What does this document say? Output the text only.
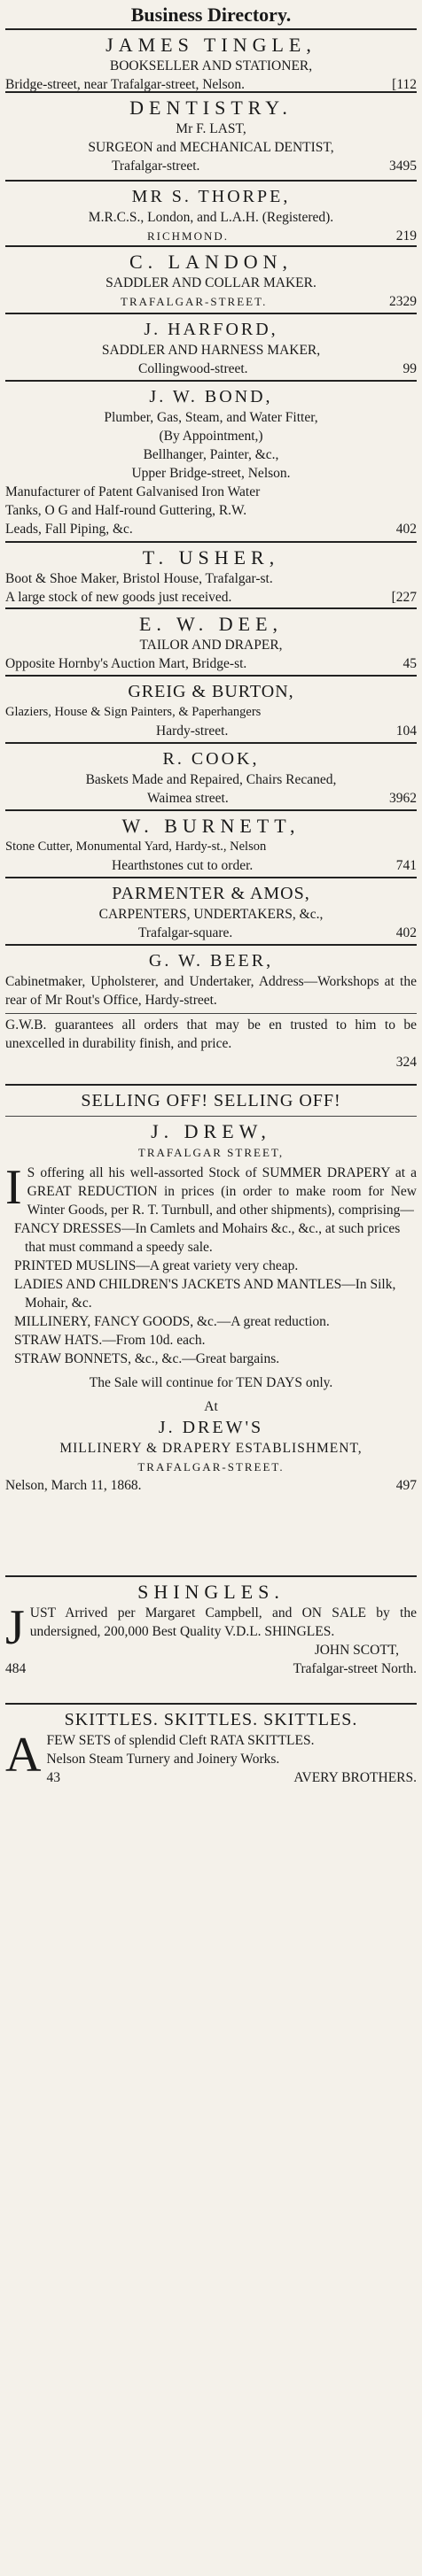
Business Directory.
JAMES TINGLE,
BOOKSELLER AND STATIONER,
Bridge-street, near Trafalgar-street, Nelson.	[112
DENTISTRY.
Mr F. LAST,
SURGEON and MECHANICAL DENTIST,
Trafalgar-street.	3495
MR S. THORPE,
M.R.C.S., London, and L.A.H. (Registered).
RICHMOND.	219
C. LANDON,
SADDLER AND COLLAR MAKER.
TRAFALGAR-STREET.	2329
J. HARFORD,
SADDLER AND HARNESS MAKER,
Collingwood-street.	99
J. W. BOND,
Plumber, Gas, Steam, and Water Fitter,
(By Appointment,)
Bellhanger, Painter, &c.,
Upper Bridge-street, Nelson.
Manufacturer of Patent Galvanised Iron Water
Tanks, O G and Half-round Guttering, R.W.
Leads, Fall Piping, &c.	402
T. USHER,
Boot & Shoe Maker, Bristol House, Trafalgar-st.
A large stock of new goods just received.	[227
E. W. DEE,
TAILOR AND DRAPER,
Opposite Hornby's Auction Mart, Bridge-st.	45
GREIG & BURTON,
Glaziers, House & Sign Painters, & Paperhangers
Hardy-street.	104
R. COOK,
Baskets Made and Repaired, Chairs Recaned,
Waimea street.	3962
W. BURNETT,
Stone Cutter, Monumental Yard, Hardy-st., Nelson
Hearthstones cut to order.	741
PARMENTER & AMOS,
CARPENTERS, UNDERTAKERS, &c.,
Trafalgar-square.	402
G. W. BEER,
Cabinetmaker, Upholsterer, and Undertaker, Address—Workshops at the rear of Mr Rout's Office, Hardy-street.
G.W.B. guarantees all orders that may be en trusted to him to be unexcelled in durability finish, and price.
324
SELLING OFF! SELLING OFF!
J. DREW,
TRAFALGAR STREET,
I S offering all his well-assorted Stock of SUMMER DRAPERY at a GREAT REDUCTION in prices (in order to make room for New Winter Goods, per R. T. Turnbull, and other shipments), comprising—
FANCY DRESSES—In Camlets and Mohairs &c., &c., at such prices that must command a speedy sale.
PRINTED MUSLINS—A great variety very cheap.
LADIES AND CHILDREN'S JACKETS AND MANTLES—In Silk, Mohair, &c.
MILLINERY, FANCY GOODS, &c.—A great reduction.
STRAW HATS.—From 10d. each.
STRAW BONNETS, &c., &c.—Great bargains.
The Sale will continue for TEN DAYS only.
At
J. DREW'S
MILLINERY & DRAPERY ESTABLISHMENT,
TRAFALGAR-STREET.
Nelson, March 11, 1868.	497
SHINGLES.
J UST Arrived per Margaret Campbell, and ON SALE by the undersigned, 200,000 Best Quality V.D.L. SHINGLES.
JOHN SCOTT,
484	Trafalgar-street North.
SKITTLES. SKITTLES. SKITTLES.
A FEW SETS of splendid Cleft RATA SKITTLES.
Nelson Steam Turnery and Joinery Works.
43	AVERY BROTHERS.
